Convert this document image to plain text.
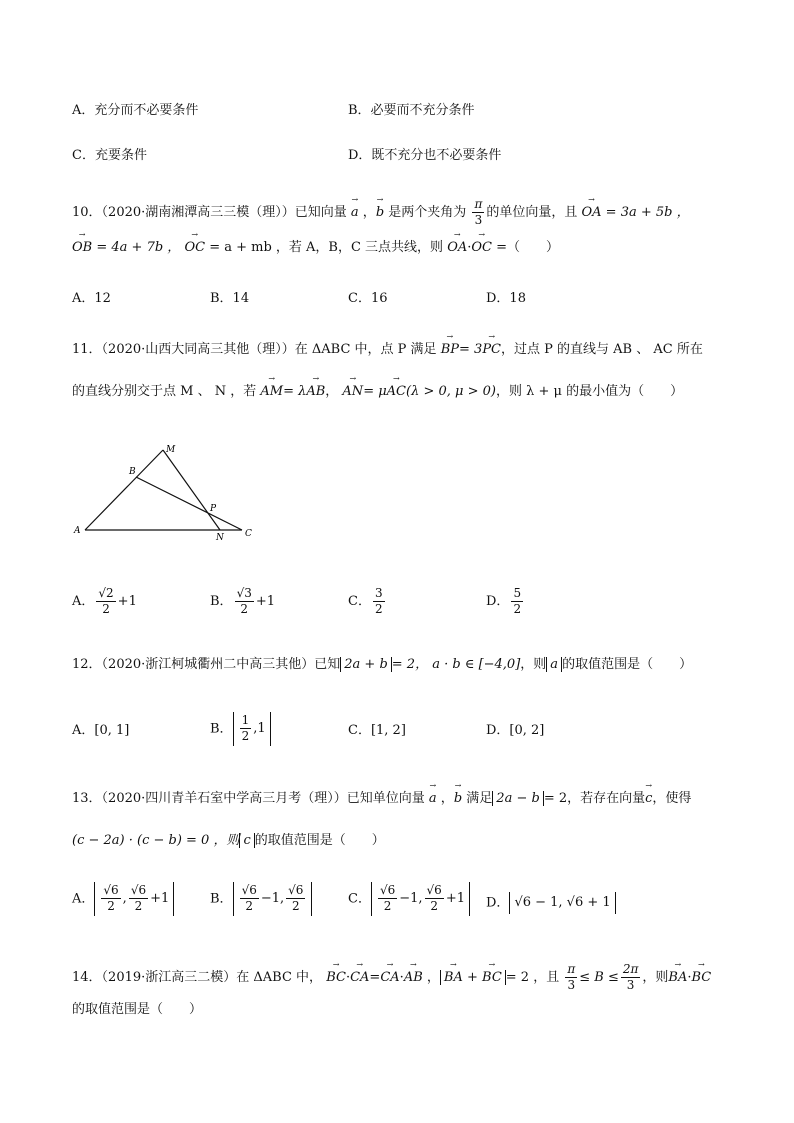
A．充分而不必要条件	B．必要而不充分条件
C．充要条件	D．既不充分也不必要条件
10．（2020·湖南湘潭高三三模（理））已知向量 → a ，→ b 是两个夹角为 $\frac{\pi}{3}$ 的单位向量，且 → OA = 3a + 5b ，
→ OB = 4a + 7b ， → OC = a + mb ，若 A，B，C 三点共线，则 → OA·→ OC =（　　）
A．12	B．14	C．16	D．18
11．（2020·山西大同高三其他（理））在 ΔABC 中，点 P 满足 → BP= 3→ PC，过点 P 的直线与 AB 、 AC 所在
的直线分别交于点 M 、 N ，若 → AM= λ→ AB， → AN= μ→ AC(λ > 0, μ > 0)，则 λ + μ 的最小值为（　　）
M
B
P
A
N C
A． $\frac{√2}{2} +1$	B． $\frac{√3}{2} +1$	C． $\frac{3}{2}$	D． $\frac{5}{2}$
12．（2020·浙江柯城衢州二中高三其他）已知 2a + b = 2， a · b ∈ [−4,0]，则 a 的取值范围是（　　）
A．[0, 1]	B． $\frac{1}{2} ,1$	C．[1, 2]	D．[0, 2]
13．（2020·四川青羊石室中学高三月考（理））已知单位向量 → a ，→ b 满足 2a − b = 2，若存在向量→ c，使得
(c − 2a) · (c − b) = 0 ，则 c 的取值范围是（　　）
A． $\frac{√6}{2}$ , $\frac{√6}{2} +1$	B． $\frac{√6}{2} -1$, $\frac{√6}{2}$	C． $\frac{√6}{2} -1$, $\frac{√6}{2} +1$	D． √6 − 1, √6 + 1
14．（2019·浙江高三二模）在 ΔABC 中， → BC·→ CA=→ CA·→ AB ， → BA + → BC = 2 ，且 $\frac{\pi}{3} \le B \le \frac{2\pi}{3}$ ，则→ BA·→ BC
的取值范围是（　　）
